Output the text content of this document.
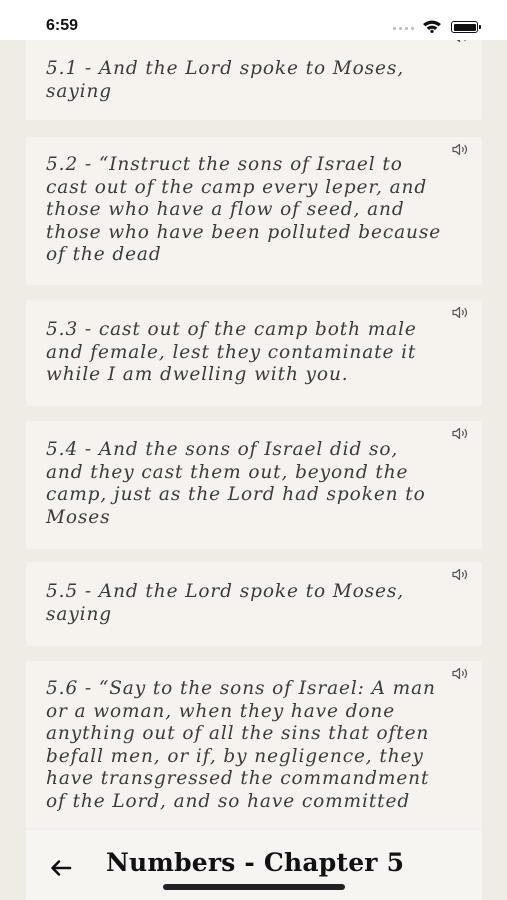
5.1 - And the Lord spoke to Moses,
saying
5.2 - “Instruct the sons of Israel to
cast out of the camp every leper, and
those who have a flow of seed, and
those who have been polluted because
of the dead
5.3 - cast out of the camp both male
and female, lest they contaminate it
while I am dwelling with you.
5.4 - And the sons of Israel did so,
and they cast them out, beyond the
camp, just as the Lord had spoken to
Moses
5.5 - And the Lord spoke to Moses,
saying
5.6 - “Say to the sons of Israel: A man
or a woman, when they have done
anything out of all the sins that often
befall men, or if, by negligence, they
have transgressed the commandment
of the Lord, and so have committed
6:59
Numbers - Chapter 5
